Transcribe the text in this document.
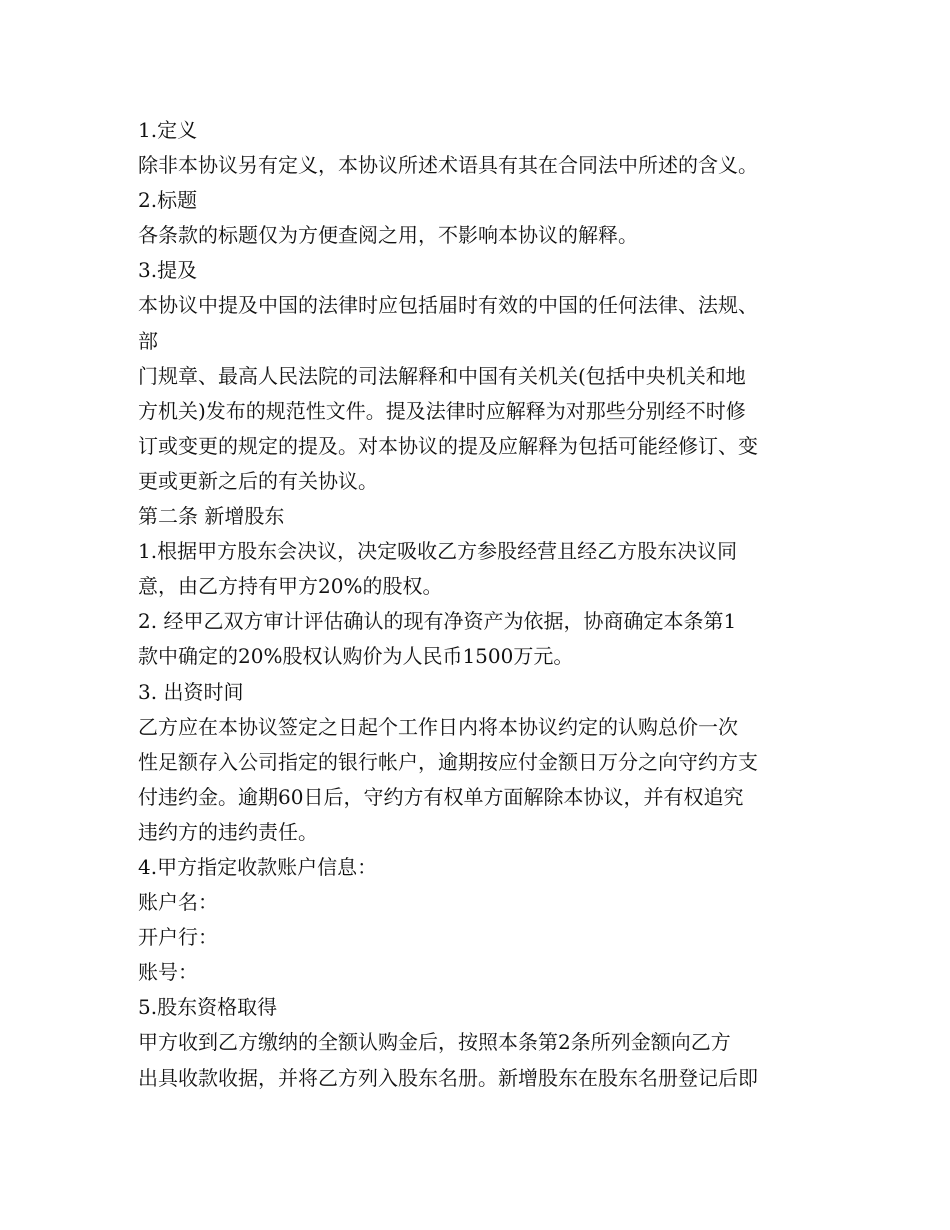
1.定义
除非本协议另有定义，本协议所述术语具有其在合同法中所述的含义。
2.标题
各条款的标题仅为方便查阅之用，不影响本协议的解释。
3.提及
本协议中提及中国的法律时应包括届时有效的中国的任何法律、法规、
部
门规章、最高人民法院的司法解释和中国有关机关(包括中央机关和地
方机关)发布的规范性文件。提及法律时应解释为对那些分别经不时修
订或变更的规定的提及。对本协议的提及应解释为包括可能经修订、变
更或更新之后的有关协议。
第二条 新增股东
1.根据甲方股东会决议，决定吸收乙方参股经营且经乙方股东决议同
意，由乙方持有甲方20%的股权。
2. 经甲乙双方审计评估确认的现有净资产为依据，协商确定本条第1
款中确定的20%股权认购价为人民币1500万元。
3. 出资时间
乙方应在本协议签定之日起个工作日内将本协议约定的认购总价一次
性足额存入公司指定的银行帐户，逾期按应付金额日万分之向守约方支
付违约金。逾期60日后，守约方有权单方面解除本协议，并有权追究
违约方的违约责任。
4.甲方指定收款账户信息：
账户名：
开户行：
账号：
5.股东资格取得
甲方收到乙方缴纳的全额认购金后，按照本条第2条所列金额向乙方
出具收款收据，并将乙方列入股东名册。新增股东在股东名册登记后即
